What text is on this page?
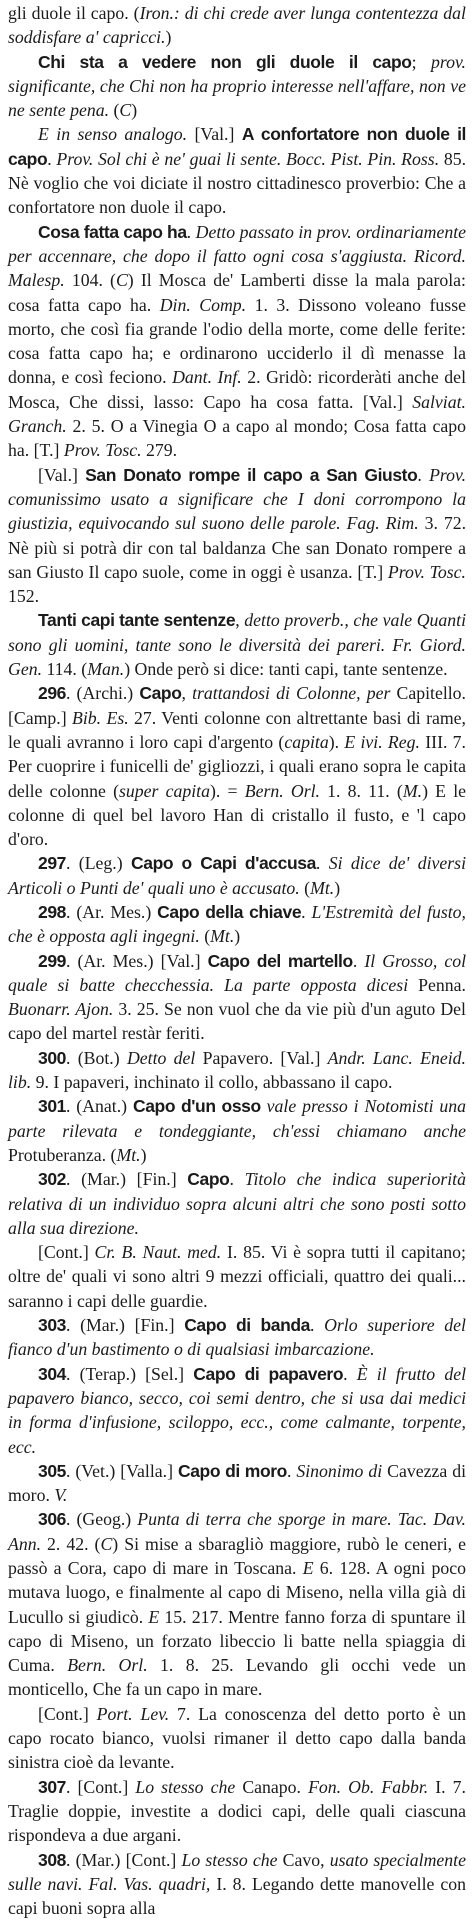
gli duole il capo. (Iron.: di chi crede aver lunga contentezza dal soddisfare a' capricci.)

Chi sta a vedere non gli duole il capo; prov. significante, che Chi non ha proprio interesse nell'affare, non ve ne sente pena. (C)

E in senso analogo. [Val.] A confortatore non duole il capo. Prov. Sol chi è ne' guai li sente. Bocc. Pist. Pin. Ross. 85. Nè voglio che voi diciate il nostro cittadinesco proverbio: Che a confortatore non duole il capo.

Cosa fatta capo ha. Detto passato in prov. ordinariamente per accennare, che dopo il fatto ogni cosa s'aggiusta. Ricord. Malesp. 104. (C) Il Mosca de' Lamberti disse la mala parola: cosa fatta capo ha. Din. Comp. 1. 3. Dissono voleano fusse morto, che così fia grande l'odio della morte, come delle ferite: cosa fatta capo ha; e ordinarono ucciderlo il dì menasse la donna, e così feciono. Dant. Inf. 2. Gridò: ricorderàti anche del Mosca, Che dissi, lasso: Capo ha cosa fatta. [Val.] Salviat. Granch. 2. 5. O a Vinegia O a capo al mondo; Cosa fatta capo ha. [T.] Prov. Tosc. 279.

[Val.] San Donato rompe il capo a San Giusto. Prov. comunissimo usato a significare che I doni corrompono la giustizia, equivocando sul suono delle parole. Fag. Rim. 3. 72. Nè più si potrà dir con tal baldanza Che san Donato rompere a san Giusto Il capo suole, come in oggi è usanza. [T.] Prov. Tosc. 152.

Tanti capi tante sentenze, detto proverb., che vale Quanti sono gli uomini, tante sono le diversità dei pareri. Fr. Giord. Gen. 114. (Man.) Onde però si dice: tanti capi, tante sentenze.

296. (Archi.) Capo, trattandosi di Colonne, per Capitello. [Camp.] Bib. Es. 27. Venti colonne con altrettante basi di rame, le quali avranno i loro capi d'argento (capita). E ivi. Reg. III. 7. Per cuoprire i funicelli de' gigliozzi, i quali erano sopra le capita delle colonne (super capita). = Bern. Orl. 1. 8. 11. (M.) E le colonne di quel bel lavoro Han di cristallo il fusto, e 'l capo d'oro.

297. (Leg.) Capo o Capi d'accusa. Si dice de' diversi Articoli o Punti de' quali uno è accusato. (Mt.)

298. (Ar. Mes.) Capo della chiave. L'Estremità del fusto, che è opposta agli ingegni. (Mt.)

299. (Ar. Mes.) [Val.] Capo del martello. Il Grosso, col quale si batte checchessia. La parte opposta dicesi Penna. Buonarr. Ajon. 3. 25. Se non vuol che da vie più d'un aguto Del capo del martel restàr feriti.

300. (Bot.) Detto del Papavero. [Val.] Andr. Lanc. Eneid. lib. 9. I papaveri, inchinato il collo, abbassano il capo.

301. (Anat.) Capo d'un osso vale presso i Notomisti una parte rilevata e tondeggiante, ch'essi chiamano anche Protuberanza. (Mt.)

302. (Mar.) [Fin.] Capo. Titolo che indica superiorità relativa di un individuo sopra alcuni altri che sono posti sotto alla sua direzione.

[Cont.] Cr. B. Naut. med. I. 85. Vi è sopra tutti il capitano; oltre de' quali vi sono altri 9 mezzi officiali, quattro dei quali... saranno i capi delle guardie.

303. (Mar.) [Fin.] Capo di banda. Orlo superiore del fianco d'un bastimento o di qualsiasi imbarcazione.

304. (Terap.) [Sel.] Capo di papavero. È il frutto del papavero bianco, secco, coi semi dentro, che si usa dai medici in forma d'infusione, sciloppo, ecc., come calmante, torpente, ecc.

305. (Vet.) [Valla.] Capo di moro. Sinonimo di Cavezza di moro. V.

306. (Geog.) Punta di terra che sporge in mare. Tac. Dav. Ann. 2. 42. (C) Si mise a sbaragliò maggiore, rubò le ceneri, e passò a Cora, capo di mare in Toscana. E 6. 128. A ogni poco mutava luogo, e finalmente al capo di Miseno, nella villa già di Lucullo si giudicò. E 15. 217. Mentre fanno forza di spuntare il capo di Miseno, un forzato libeccio li batte nella spiaggia di Cuma. Bern. Orl. 1. 8. 25. Levando gli occhi vede un monticello, Che fa un capo in mare.

[Cont.] Port. Lev. 7. La conoscenza del detto porto è un capo rocato bianco, vuolsi rimaner il detto capo dalla banda sinistra cioè da levante.

307. [Cont.] Lo stesso che Canapo. Fon. Ob. Fabbr. I. 7. Traglie doppie, investite a dodici capi, delle quali ciascuna rispondeva a due argani.

308. (Mar.) [Cont.] Lo stesso che Cavo, usato specialmente sulle navi. Fal. Vas. quadri, I. 8. Legando dette manovelle con capi buoni sopra alla
